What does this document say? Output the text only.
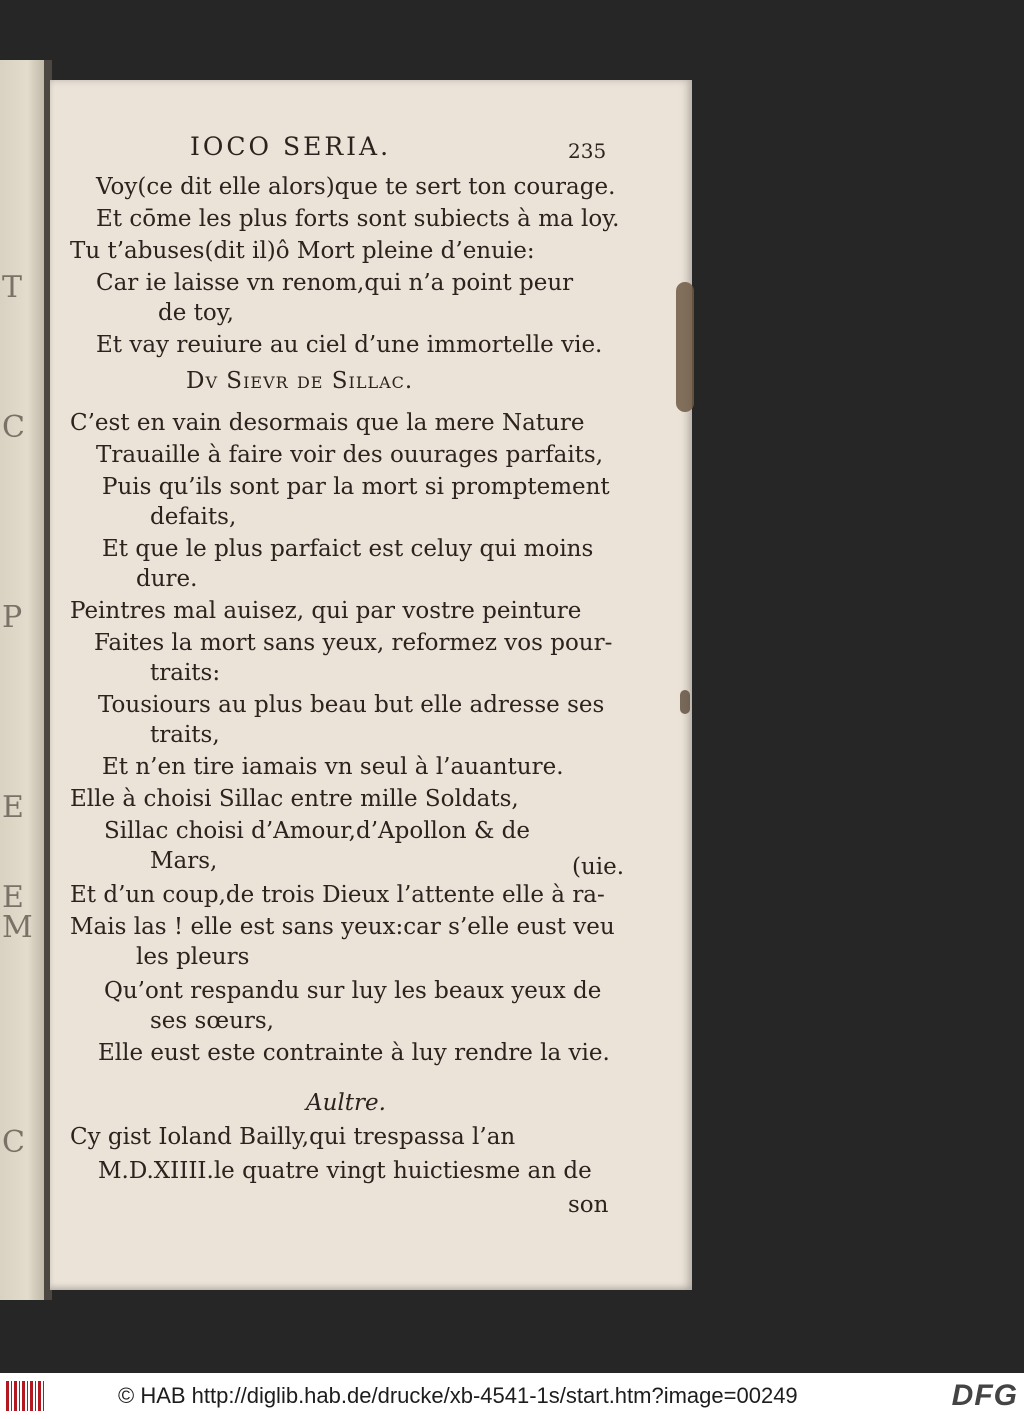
T
C
P
E
E
M
C
IOCO SERIA.	235
Voy(ce dit elle alors)que te sert ton courage.
Et cōme les plus forts sont subiects à ma loy.
Tu t’abuses(dit il)ô Mort pleine d’enuie:
Car ie laisse vn renom,qui n’a point peur
de toy,
Et vay reuiure au ciel d’une immortelle vie.
Dv Sievr de Sillac.
C’est en vain desormais que la mere Nature
Trauaille à faire voir des ouurages parfaits,
Puis qu’ils sont par la mort si promptement
defaits,
Et que le plus parfaict est celuy qui moins
dure.
Peintres mal auisez, qui par vostre peinture
Faites la mort sans yeux, reformez vos pour-
traits:
Tousiours au plus beau but elle adresse ses
traits,
Et n’en tire iamais vn seul à l’auanture.
Elle à choisi Sillac entre mille Soldats,
Sillac choisi d’Amour,d’Apollon & de
Mars,	(uie.
Et d’un coup,de trois Dieux l’attente elle à ra-
Mais las ! elle est sans yeux:car s’elle eust veu
les pleurs
Qu’ont respandu sur luy les beaux yeux de
ses sœurs,
Elle eust este contrainte à luy rendre la vie.
Aultre.
Cy gist Ioland Bailly,qui trespassa l’an
M.D.XIIII.le quatre vingt huictiesme an de
son
© HAB http://diglib.hab.de/drucke/xb-4541-1s/start.htm?image=00249	DFG
